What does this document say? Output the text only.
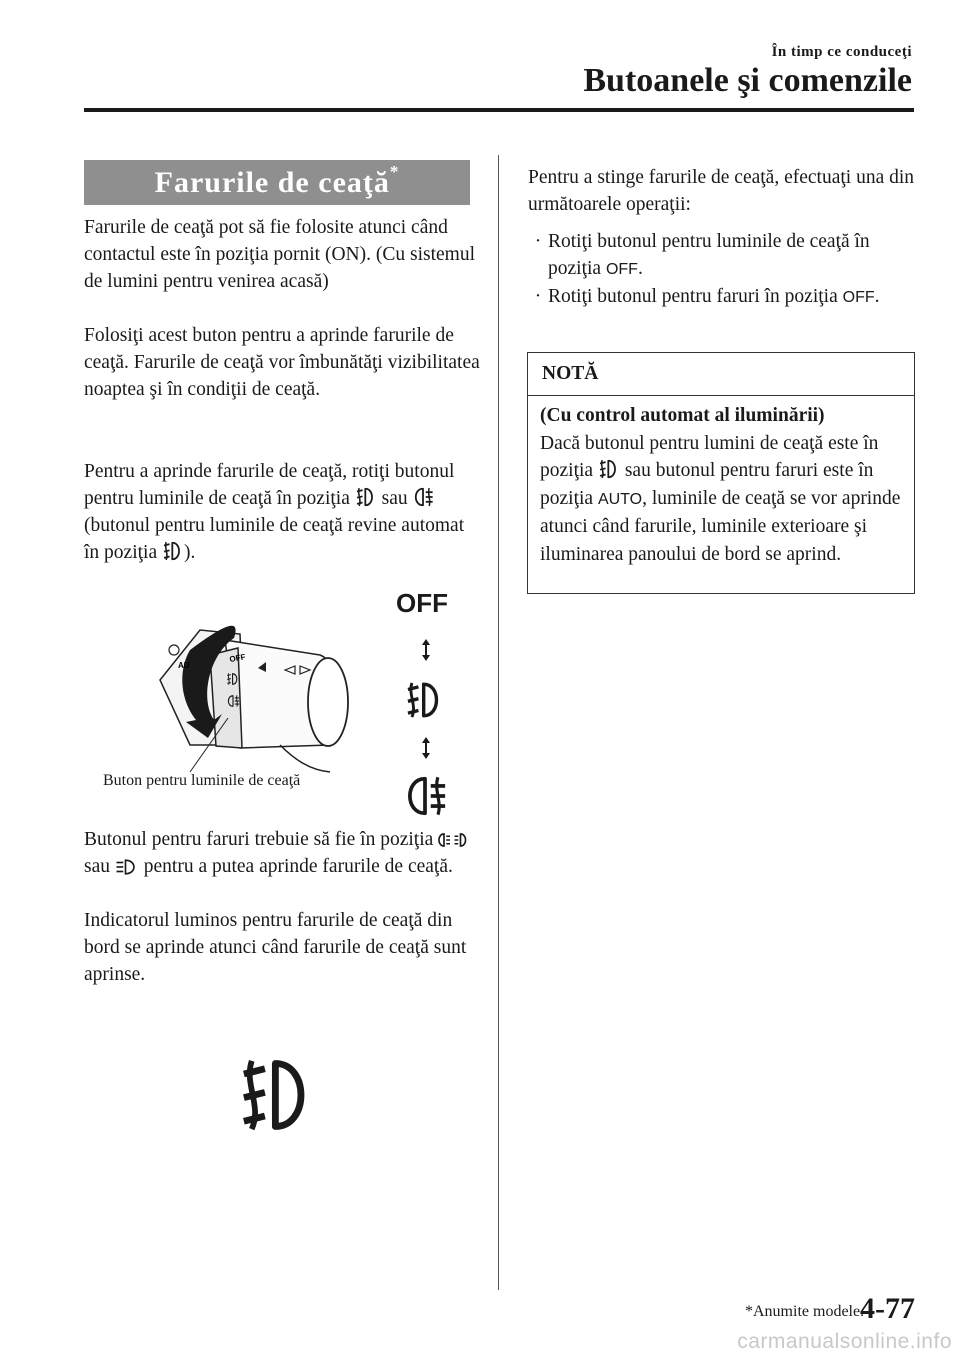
În timp ce conduceţi
Butoanele şi comenzile
Farurile de ceaţă*

Farurile de ceaţă pot să fie folosite atunci când contactul este în poziţia pornit (ON). (Cu sistemul de lumini pentru venirea acasă)

Folosiţi acest buton pentru a aprinde farurile de ceaţă. Farurile de ceaţă vor îmbunătăţi vizibilitatea noaptea şi în condiţii de ceaţă.

Pentru a aprinde farurile de ceaţă, rotiţi butonul pentru luminile de ceaţă în poziţia sau  (butonul pentru luminile de ceaţă revine automat în poziţia ).

OFF
AU
Buton pentru luminile de ceaţă
OFF

Butonul pentru faruri trebuie să fie în poziţia  sau pentru a putea aprinde farurile de ceaţă.

Indicatorul luminos pentru farurile de ceaţă din bord se aprinde atunci când farurile de ceaţă sunt aprinse.

Pentru a stinge farurile de ceaţă, efectuaţi una din următoarele operaţii:

· Rotiţi butonul pentru luminile de ceaţă în poziţia OFF.
· Rotiţi butonul pentru faruri în poziţia OFF.
NOTĂ
(Cu control automat al iluminării)
Dacă butonul pentru lumini de ceaţă este în poziţia sau butonul pentru faruri este în poziţia AUTO, luminile de ceaţă se vor aprinde atunci când farurile, luminile exterioare şi iluminarea panoului de bord se aprind.
*Anumite modele.
4-77
carmanualsonline.info
